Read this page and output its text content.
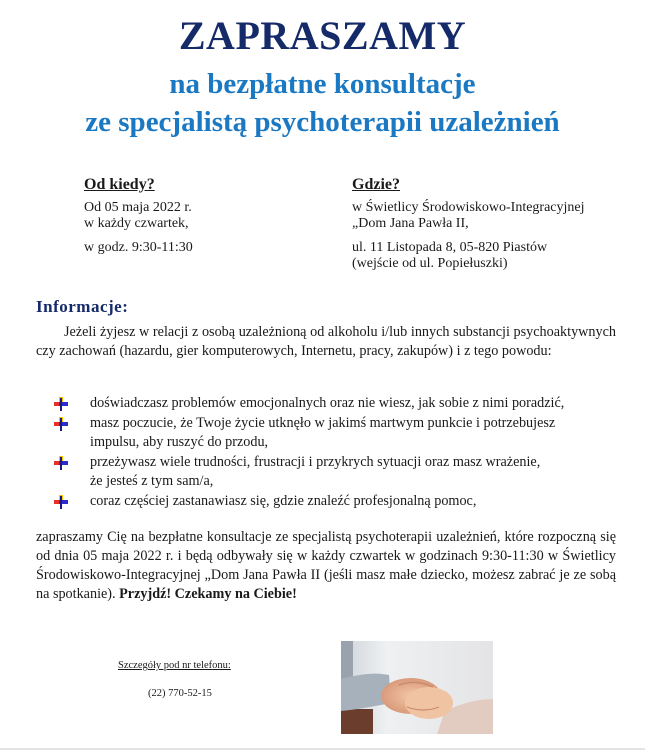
ZAPRASZAMY
na bezpłatne konsultacje
ze specjalistą psychoterapii uzależnień
Od kiedy?
Od 05 maja 2022 r.
w każdy czwartek,
w godz. 9:30-11:30
Gdzie?
w Świetlicy Środowiskowo-Integracyjnej
„Dom Jana Pawła II,
ul. 11 Listopada 8, 05-820 Piastów
(wejście od ul. Popiełuszki)
Informacje:
Jeżeli żyjesz w relacji z osobą uzależnioną od alkoholu i/lub innych substancji psychoaktywnych czy zachowań (hazardu, gier komputerowych, Internetu, pracy, zakupów) i z tego powodu:
doświadczasz problemów emocjonalnych oraz nie wiesz, jak sobie z nimi poradzić,
masz poczucie, że Twoje życie utknęło w jakimś martwym punkcie i potrzebujesz impulsu, aby ruszyć do przodu,
przeżywasz wiele trudności, frustracji i przykrych sytuacji oraz masz wrażenie, że jesteś z tym sam/a,
coraz częściej zastanawiasz się, gdzie znaleźć profesjonalną pomoc,
zapraszamy Cię na bezpłatne konsultacje ze specjalistą psychoterapii uzależnień, które rozpoczną się od dnia 05 maja 2022 r. i będą odbywały się w każdy czwartek w godzinach 9:30-11:30 w Świetlicy Środowiskowo-Integracyjnej „Dom Jana Pawła II (jeśli masz małe dziecko, możesz zabrać je ze sobą na spotkanie). Przyjdź! Czekamy na Ciebie!
Szczegóły pod nr telefonu:
(22) 770-52-15
